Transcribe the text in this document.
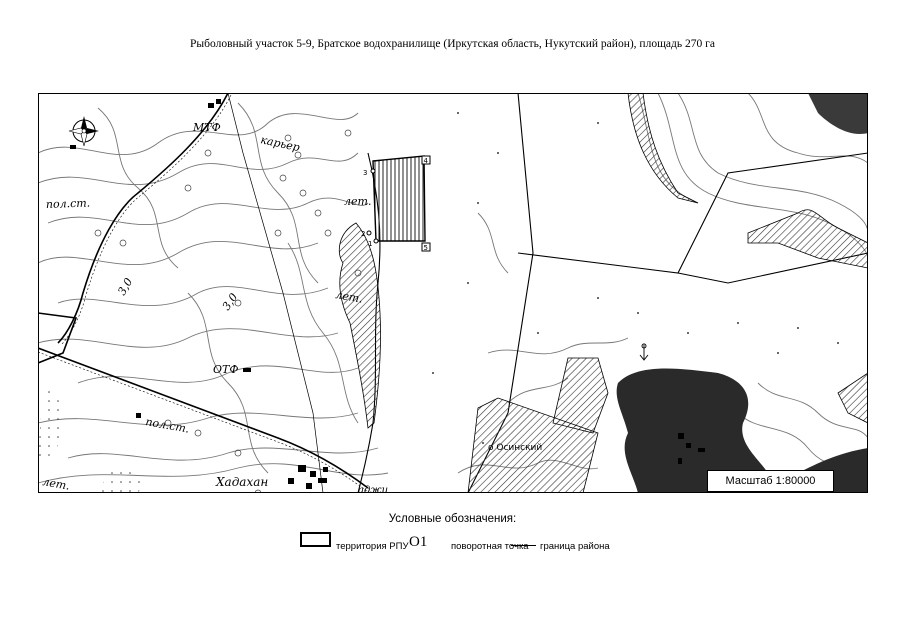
Рыболовный участок 5-9, Братское водохранилище (Иркутская область, Нукутский район), площадь 270 га
1
2
3
4
5
МТФ
карьер
пол.ст.	лет.
лет.
ОТФ
пол.ст.
Хадахан
лет.
3,0
3,0
аджи
о Осинский
Масштаб 1:80000
Условные обозначения:
территория РПУ O1 поворотная точка граница района
